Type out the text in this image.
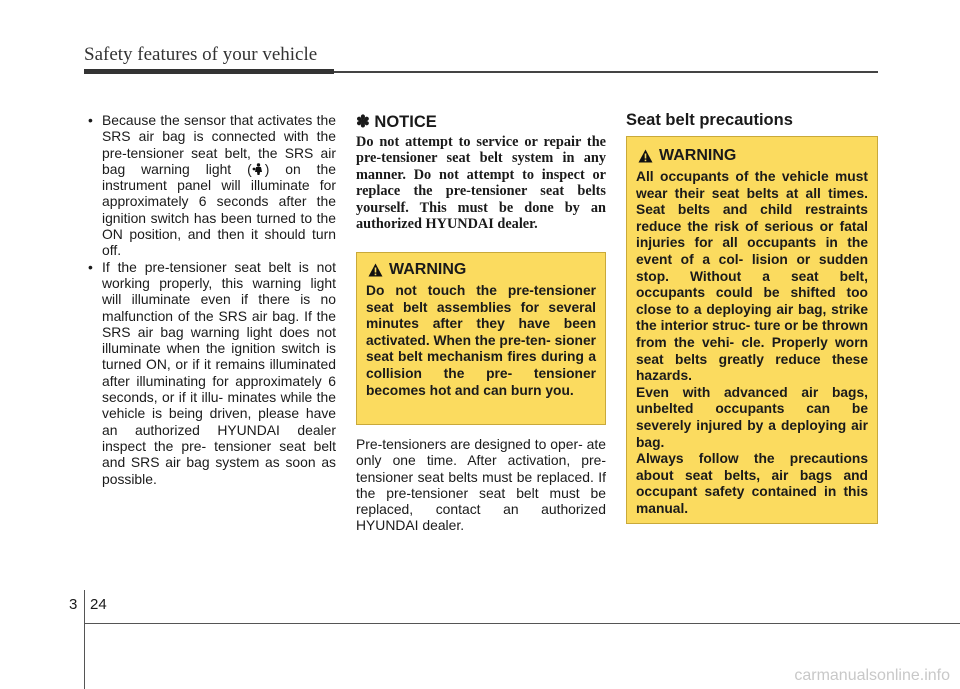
Safety features of your vehicle
• Because the sensor that activates the SRS air bag is connected with the pre-tensioner seat belt, the SRS air bag warning light ( ) on the instrument panel will illuminate for approximately 6 seconds after the ignition switch has been turned to the ON position, and then it should turn off.
• If the pre-tensioner seat belt is not working properly, this warning light will illuminate even if there is no malfunction of the SRS air bag. If the SRS air bag warning light does not illuminate when the ignition switch is turned ON, or if it remains illuminated after illuminating for approximately 6 seconds, or if it illu- minates while the vehicle is being driven, please have an authorized HYUNDAI dealer inspect the pre- tensioner seat belt and SRS air bag system as soon as possible.
✽ NOTICE

Do not attempt to service or repair the pre-tensioner seat belt system in any manner. Do not attempt to inspect or replace the pre-tensioner seat belts yourself. This must be done by an authorized HYUNDAI dealer.

WARNING

Do not touch the pre-tensioner seat belt assemblies for several minutes after they have been activated. When the pre-ten- sioner seat belt mechanism fires during a collision the pre- tensioner becomes hot and can burn you.

Pre-tensioners are designed to oper- ate only one time. After activation, pre-tensioner seat belts must be replaced. If the pre-tensioner seat belt must be replaced, contact an authorized HYUNDAI dealer.

Seat belt precautions
WARNING

All occupants of the vehicle must wear their seat belts at all times. Seat belts and child restraints reduce the risk of serious or fatal injuries for all occupants in the event of a col- lision or sudden stop. Without a seat belt, occupants could be shifted too close to a deploying air bag, strike the interior struc- ture or be thrown from the vehi- cle. Properly worn seat belts greatly reduce these hazards.

Even with advanced air bags, unbelted occupants can be severely injured by a deploying air bag.

Always follow the precautions about seat belts, air bags and occupant safety contained in this manual.

3 24
carmanualsonline.info
